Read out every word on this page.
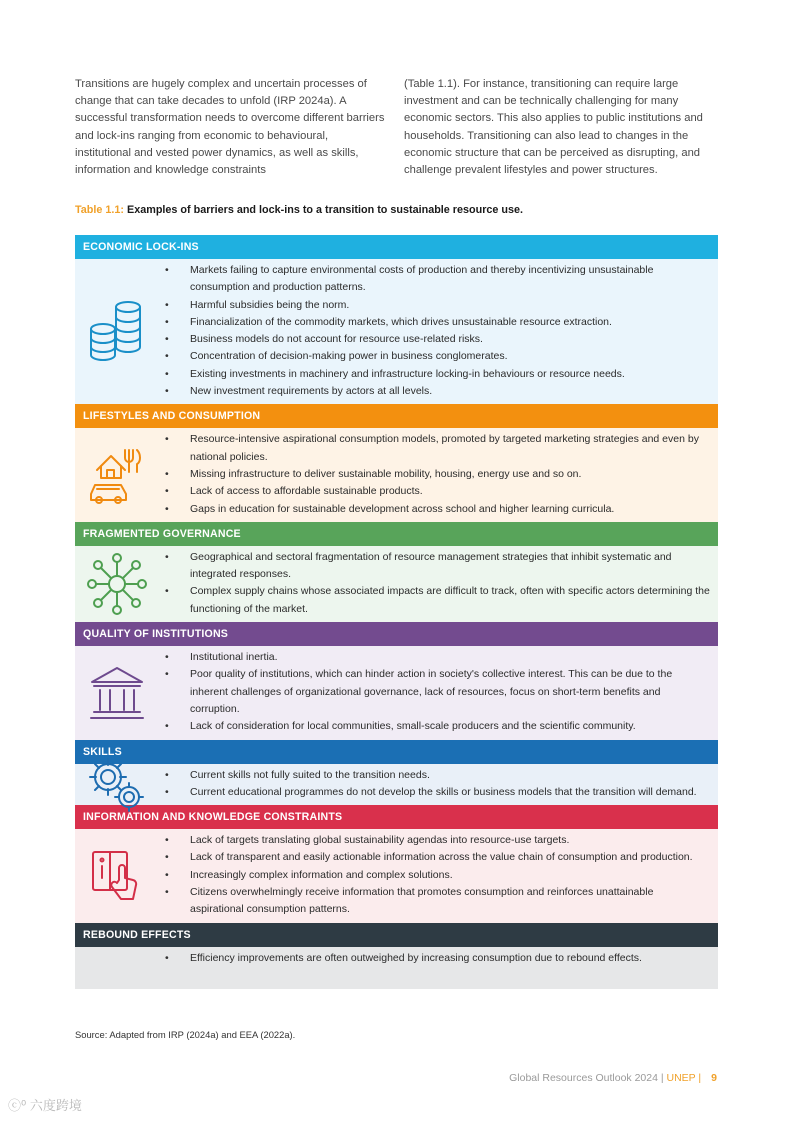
Transitions are hugely complex and uncertain processes of change that can take decades to unfold (IRP 2024a). A successful transformation needs to overcome different barriers and lock-ins ranging from economic to behavioural, institutional and vested power dynamics, as well as skills, information and knowledge constraints
(Table 1.1). For instance, transitioning can require large investment and can be technically challenging for many economic sectors. This also applies to public institutions and households. Transitioning can also lead to changes in the economic structure that can be perceived as disrupting, and challenge prevalent lifestyles and power structures.
Table 1.1: Examples of barriers and lock-ins to a transition to sustainable resource use.
ECONOMIC LOCK-INS
• Markets failing to capture environmental costs of production and thereby incentivizing unsustainable consumption and production patterns.
• Harmful subsidies being the norm.
• Financialization of the commodity markets, which drives unsustainable resource extraction.
• Business models do not account for resource use-related risks.
• Concentration of decision-making power in business conglomerates.
• Existing investments in machinery and infrastructure locking-in behaviours or resource needs.
• New investment requirements by actors at all levels.
LIFESTYLES AND CONSUMPTION
• Resource-intensive aspirational consumption models, promoted by targeted marketing strategies and even by national policies.
• Missing infrastructure to deliver sustainable mobility, housing, energy use and so on.
• Lack of access to affordable sustainable products.
• Gaps in education for sustainable development across school and higher learning curricula.
FRAGMENTED GOVERNANCE
• Geographical and sectoral fragmentation of resource management strategies that inhibit systematic and integrated responses.
• Complex supply chains whose associated impacts are difficult to track, often with specific actors determining the functioning of the market.
QUALITY OF INSTITUTIONS
• Institutional inertia.
• Poor quality of institutions, which can hinder action in society's collective interest. This can be due to the inherent challenges of organizational governance, lack of resources, focus on short-term benefits and corruption.
• Lack of consideration for local communities, small-scale producers and the scientific community.
SKILLS
• Current skills not fully suited to the transition needs.
• Current educational programmes do not develop the skills or business models that the transition will demand.
INFORMATION AND KNOWLEDGE CONSTRAINTS
• Lack of targets translating global sustainability agendas into resource-use targets.
• Lack of transparent and easily actionable information across the value chain of consumption and production.
• Increasingly complex information and complex solutions.
• Citizens overwhelmingly receive information that promotes consumption and reinforces unattainable aspirational consumption patterns.
REBOUND EFFECTS
• Efficiency improvements are often outweighed by increasing consumption due to rebound effects.
Source: Adapted from IRP (2024a) and EEA (2022a).
Global Resources Outlook 2024 | UNEP | 9
ⓒ⁰ 六度跨境
